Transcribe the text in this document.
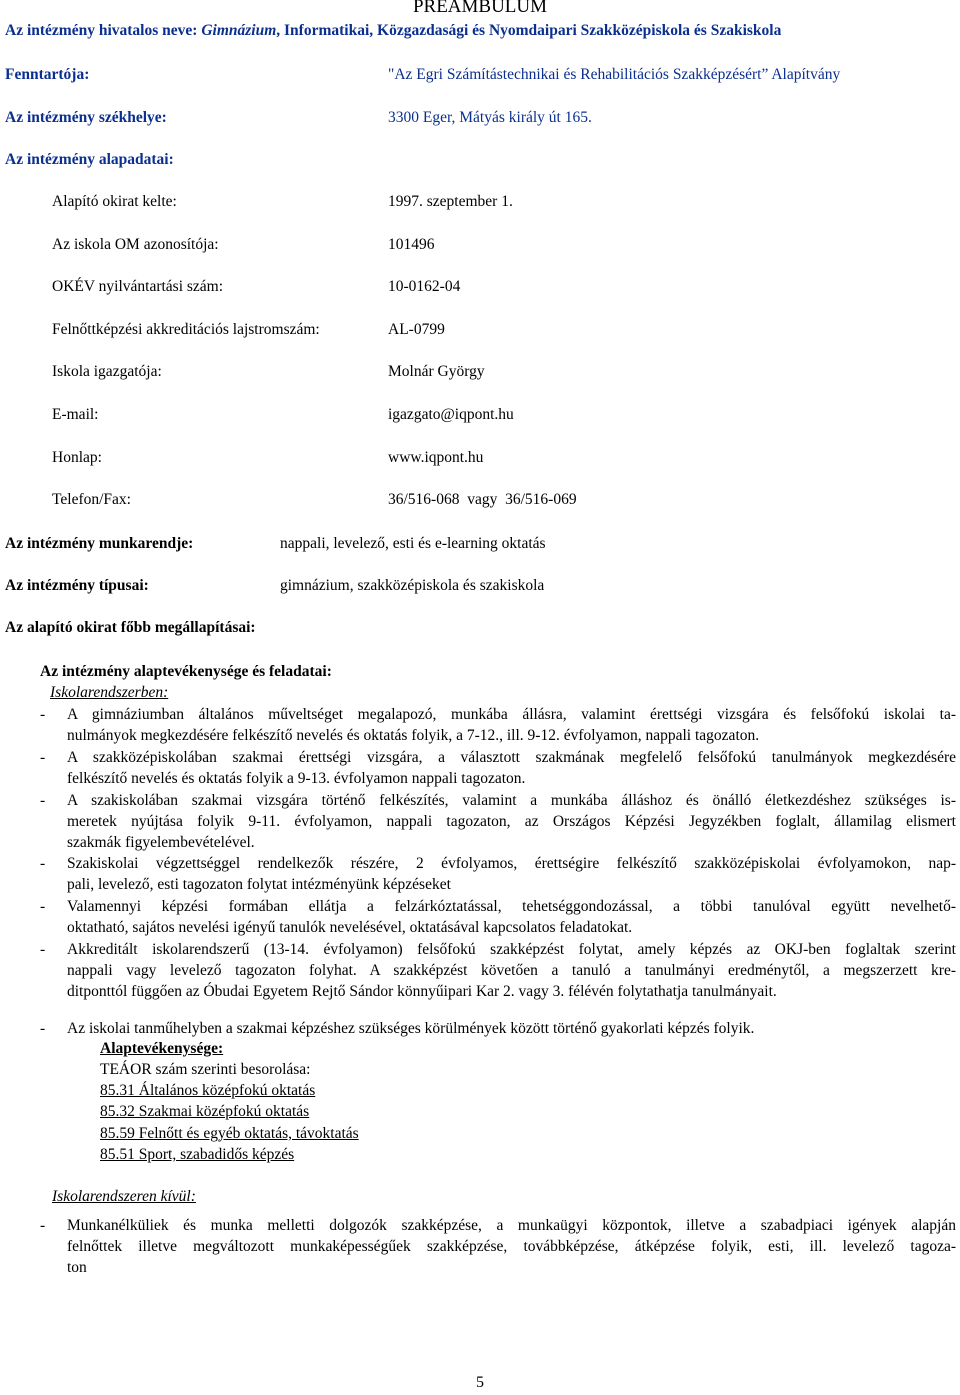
PREAMBULUM
Az intézmény hivatalos neve: Gimnázium, Informatikai, Közgazdasági és Nyomdaipari Szakközépiskola és Szakiskola
Fenntartója:	"Az Egri Számítástechnikai és Rehabilitációs Szakképzésért” Alapítvány
Az intézmény székhelye:	3300 Eger, Mátyás király út 165.
Az intézmény alapadatai:
Alapító okirat kelte:	1997. szeptember 1.
Az iskola OM azonosítója:	101496
OKÉV nyilvántartási szám:	10-0162-04
Felnőttképzési akkreditációs lajstromszám:	AL-0799
Iskola igazgatója:	Molnár György
E-mail:	igazgato@iqpont.hu
Honlap:	www.iqpont.hu
Telefon/Fax:	36/516-068  vagy  36/516-069
Az intézmény munkarendje:	nappali, levelező, esti és e-learning oktatás
Az intézmény típusai:	gimnázium, szakközépiskola és szakiskola
Az alapító okirat főbb megállapításai:
Az intézmény alaptevékenysége és feladatai:
Iskolarendszerben:
- A gimnáziumban általános műveltséget megalapozó, munkába állásra, valamint érettségi vizsgára és felsőfokú iskolai ta-
nulmányok megkezdésére felkészítő nevelés és oktatás folyik, a 7-12., ill. 9-12. évfolyamon, nappali tagozaton.
- A szakközépiskolában szakmai érettségi vizsgára, a választott szakmának megfelelő felsőfokú tanulmányok megkezdésére
felkészítő nevelés és oktatás folyik a 9-13. évfolyamon nappali tagozaton.
- A szakiskolában szakmai vizsgára történő felkészítés, valamint a munkába álláshoz és önálló életkezdéshez szükséges is-
meretek nyújtása folyik 9-11. évfolyamon, nappali tagozaton, az Országos Képzési Jegyzékben foglalt, államilag elismert
szakmák figyelembevételével.
- Szakiskolai végzettséggel rendelkezők részére, 2 évfolyamos, érettségire felkészítő szakközépiskolai évfolyamokon, nap-
pali, levelező, esti tagozaton folytat intézményünk képzéseket
- Valamennyi képzési formában ellátja a felzárkóztatással, tehetséggondozással, a többi tanulóval együtt nevelhető-
oktatható, sajátos nevelési igényű tanulók nevelésével, oktatásával kapcsolatos feladatokat.
- Akkreditált iskolarendszerű (13-14. évfolyamon) felsőfokú szakképzést folytat, amely képzés az OKJ-ben foglaltak szerint
nappali vagy levelező tagozaton folyhat. A szakképzést követően a tanuló a tanulmányi eredménytől, a megszerzett kre-
ditponttól függően az Óbudai Egyetem Rejtő Sándor könnyűipari Kar 2. vagy 3. félévén folytathatja tanulmányait.
- Az iskolai tanműhelyben a szakmai képzéshez szükséges körülmények között történő gyakorlati képzés folyik.
Alaptevékenysége:
TEÁOR szám szerinti besorolása:
85.31 Általános középfokú oktatás
85.32 Szakmai középfokú oktatás
85.59 Felnőtt és egyéb oktatás, távoktatás
85.51 Sport, szabadidős képzés
Iskolarendszeren kívül:
- Munkanélküliek és munka melletti dolgozók szakképzése, a munkaügyi központok, illetve a szabadpiaci igények alapján
felnőttek illetve megváltozott munkaképességűek szakképzése, továbbképzése, átképzése folyik, esti, ill. levelező tagoza-
ton
5
